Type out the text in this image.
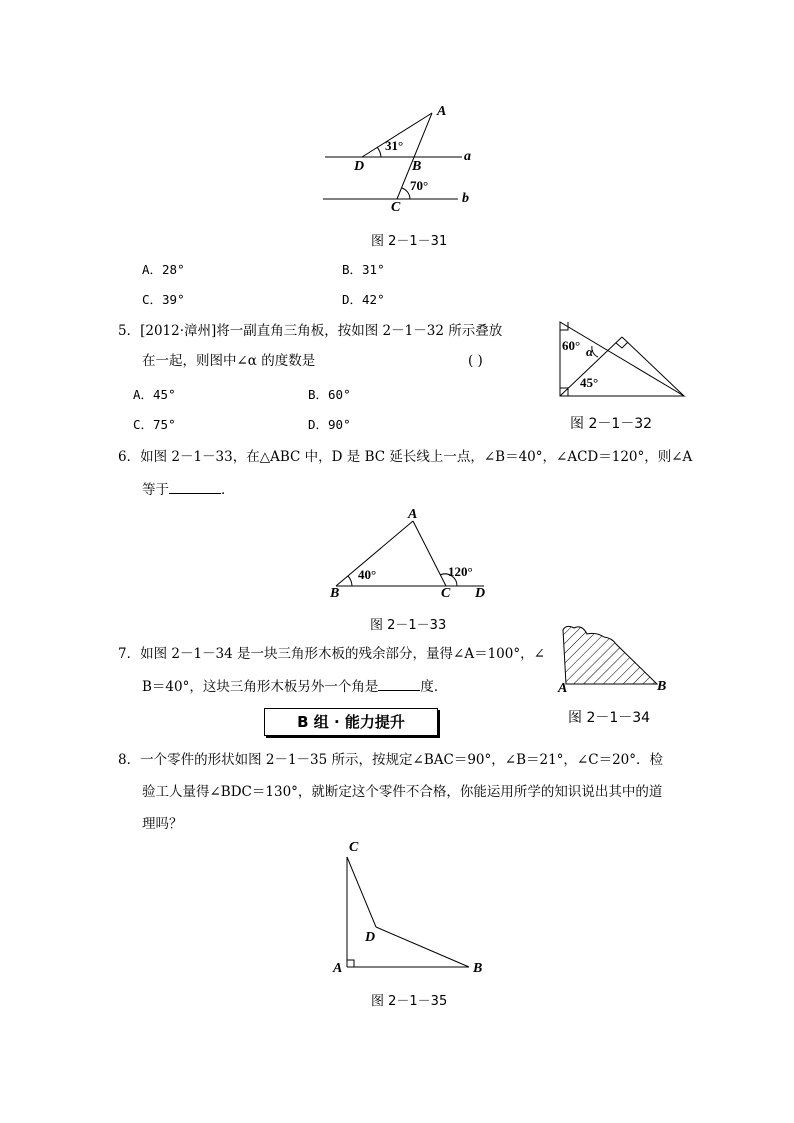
A
D	B
C
a
b
31°
70°
图 2－1－31
A．28°	B．31°
C．39°	D．42°
5．[2012·漳州]将一副直角三角板，按如图 2－1－32 所示叠放
在一起，则图中∠α 的度数是	( )
A．45°	B．60°
C．75°	D．90°
60°
45°
α
图 2－1－32
6．如图 2－1－33，在△ABC 中，D 是 BC 延长线上一点，∠B＝40°，∠ACD＝120°，则∠A
等于	．
A
B	C D
40°	120°
图 2－1－33
7．如图 2－1－34 是一块三角形木板的残余部分，量得∠A＝100°，∠
B＝40°，这块三角形木板另外一个角是	度．	A	B
图 2－1－34
B 组 · 能力提升
8．一个零件的形状如图 2－1－35 所示，按规定∠BAC＝90°，∠B＝21°，∠C＝20°．检
验工人量得∠BDC＝130°，就断定这个零件不合格，你能运用所学的知识说出其中的道
理吗？
C
D
A	B
图 2－1－35
